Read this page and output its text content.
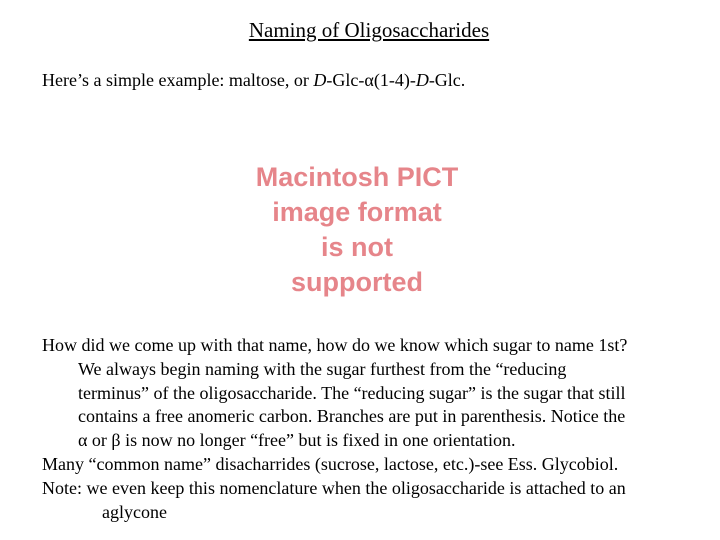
Naming of Oligosaccharides
Here’s a simple example: maltose, or D-Glc-α(1-4)-D-Glc.
Macintosh PICT
image format
is not supported
How did we come up with that name, how do we know which sugar to name 1st?
We always begin naming with the sugar furthest from the “reducing
terminus” of the oligosaccharide. The “reducing sugar” is the sugar that still
contains a free anomeric carbon. Branches are put in parenthesis. Notice the
α or β is now no longer “free” but is fixed in one orientation.
Many “common name” disacharrides (sucrose, lactose, etc.)-see Ess. Glycobiol.
Note: we even keep this nomenclature when the oligosaccharide is attached to an
aglycone
